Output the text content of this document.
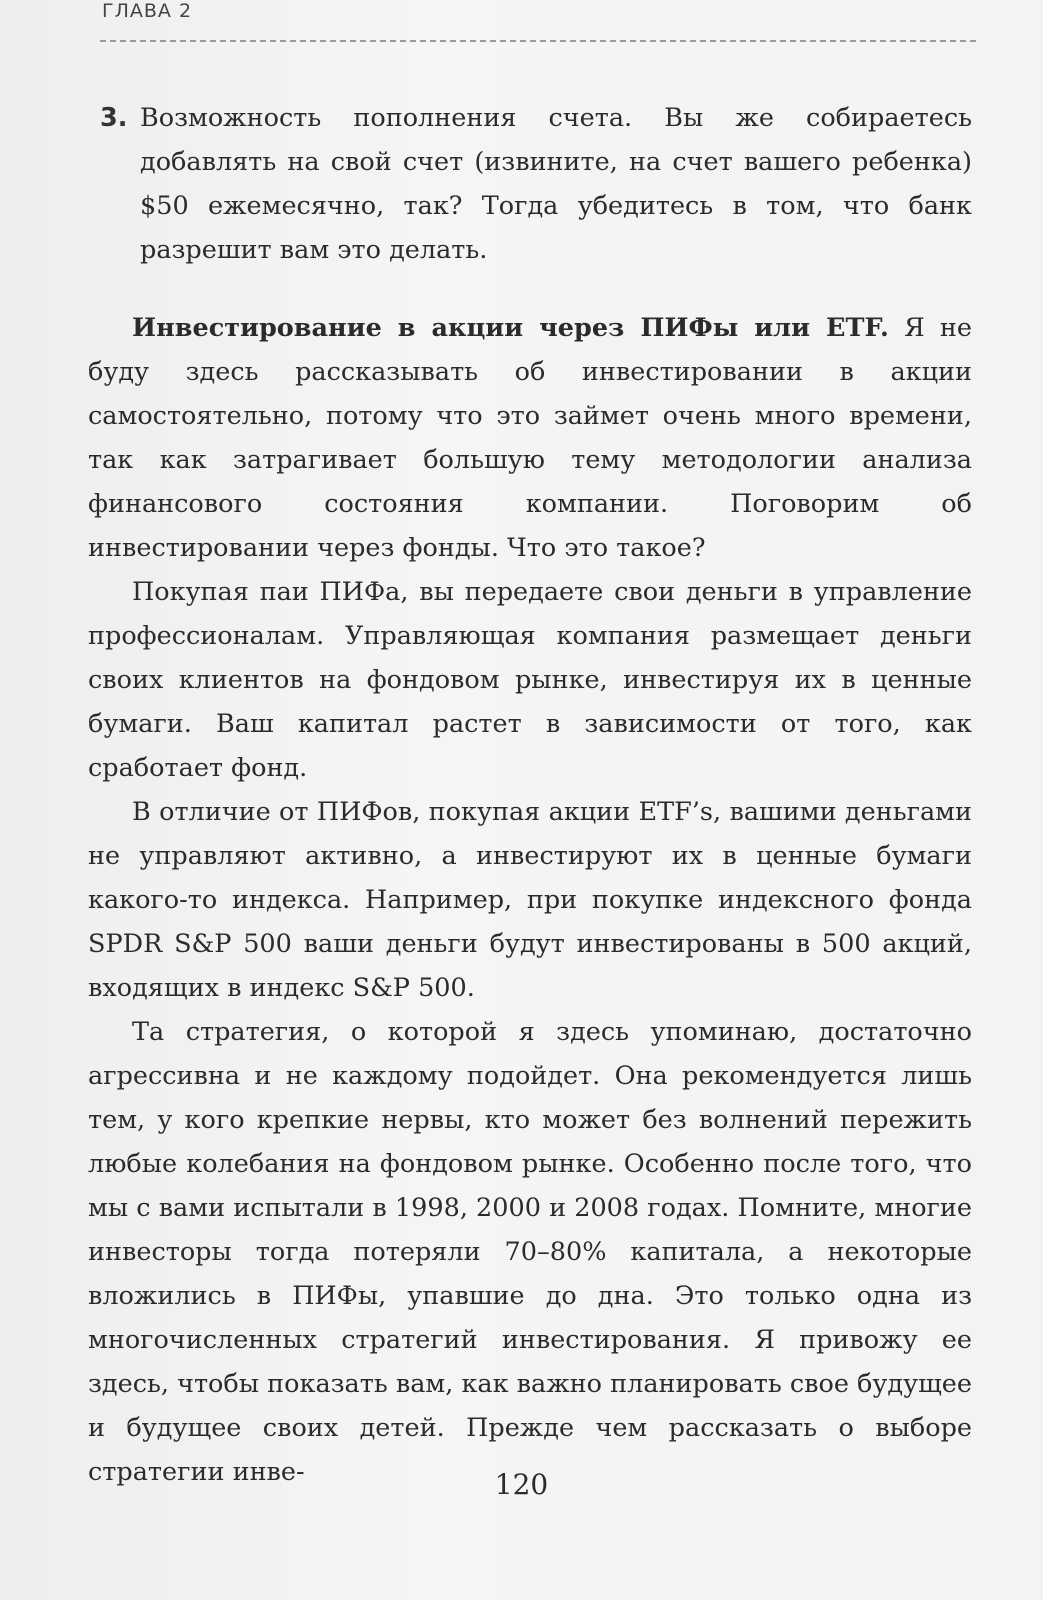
ГЛАВА 2
3. Возможность пополнения счета. Вы же собираетесь добавлять на свой счет (извините, на счет вашего ребенка) $50 ежемесячно, так? Тогда убедитесь в том, что банк разрешит вам это делать.

Инвестирование в акции через ПИФы или ETF. Я не буду здесь рассказывать об инвестировании в акции самостоятельно, потому что это займет очень много времени, так как затрагивает большую тему методологии анализа финансового состояния компании. Поговорим об инвестировании через фонды. Что это такое?

Покупая паи ПИФа, вы передаете свои деньги в управление профессионалам. Управляющая компания размещает деньги своих клиентов на фондовом рынке, инвестируя их в ценные бумаги. Ваш капитал растет в зависимости от того, как сработает фонд.

В отличие от ПИФов, покупая акции ETF’s, вашими деньгами не управляют активно, а инвестируют их в ценные бумаги какого-то индекса. Например, при покупке индексного фонда SPDR S&P 500 ваши деньги будут инвестированы в 500 акций, входящих в индекс S&P 500.

Та стратегия, о которой я здесь упоминаю, достаточно агрессивна и не каждому подойдет. Она рекомендуется лишь тем, у кого крепкие нервы, кто может без волнений пережить любые колебания на фондовом рынке. Особенно после того, что мы с вами испытали в 1998, 2000 и 2008 годах. Помните, многие инвесторы тогда потеряли 70–80% капитала, а некоторые вложились в ПИФы, упавшие до дна. Это только одна из многочисленных стратегий инвестирования. Я привожу ее здесь, чтобы показать вам, как важно планировать свое будущее и будущее своих детей. Прежде чем рассказать о выборе стратегии инве-	120
